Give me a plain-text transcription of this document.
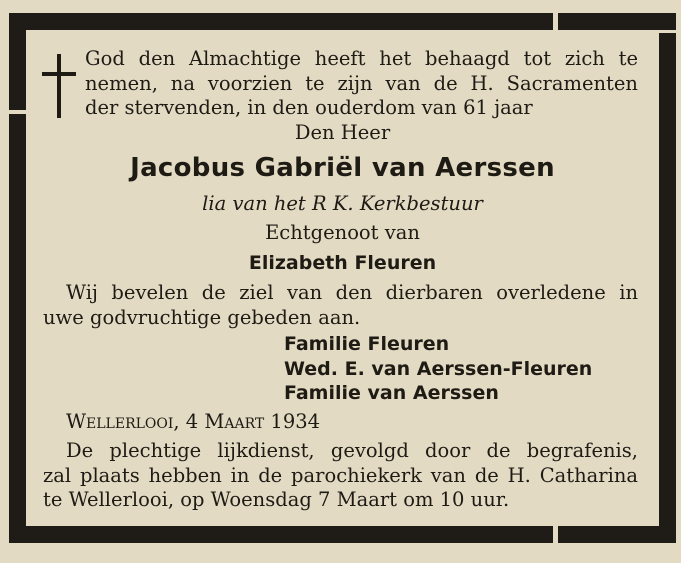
God den Almachtige heeft het behaagd tot zich te
nemen, na voorzien te zijn van de H. Sacramenten
der stervenden, in den ouderdom van 61 jaar
Den Heer
Jacobus Gabriël van Aerssen
lia van het R K. Kerkbestuur
Echtgenoot van
Elizabeth Fleuren
Wij bevelen de ziel van den dierbaren overledene in
uwe godvruchtige gebeden aan.
Familie Fleuren
Wed. E. van Aerssen-Fleuren
Familie van Aerssen
Wellerlooi, 4 Maart 1934
De plechtige lijkdienst, gevolgd door de begrafenis,
zal plaats hebben in de parochiekerk van de H. Catharina
te Wellerlooi, op Woensdag 7 Maart om 10 uur.
